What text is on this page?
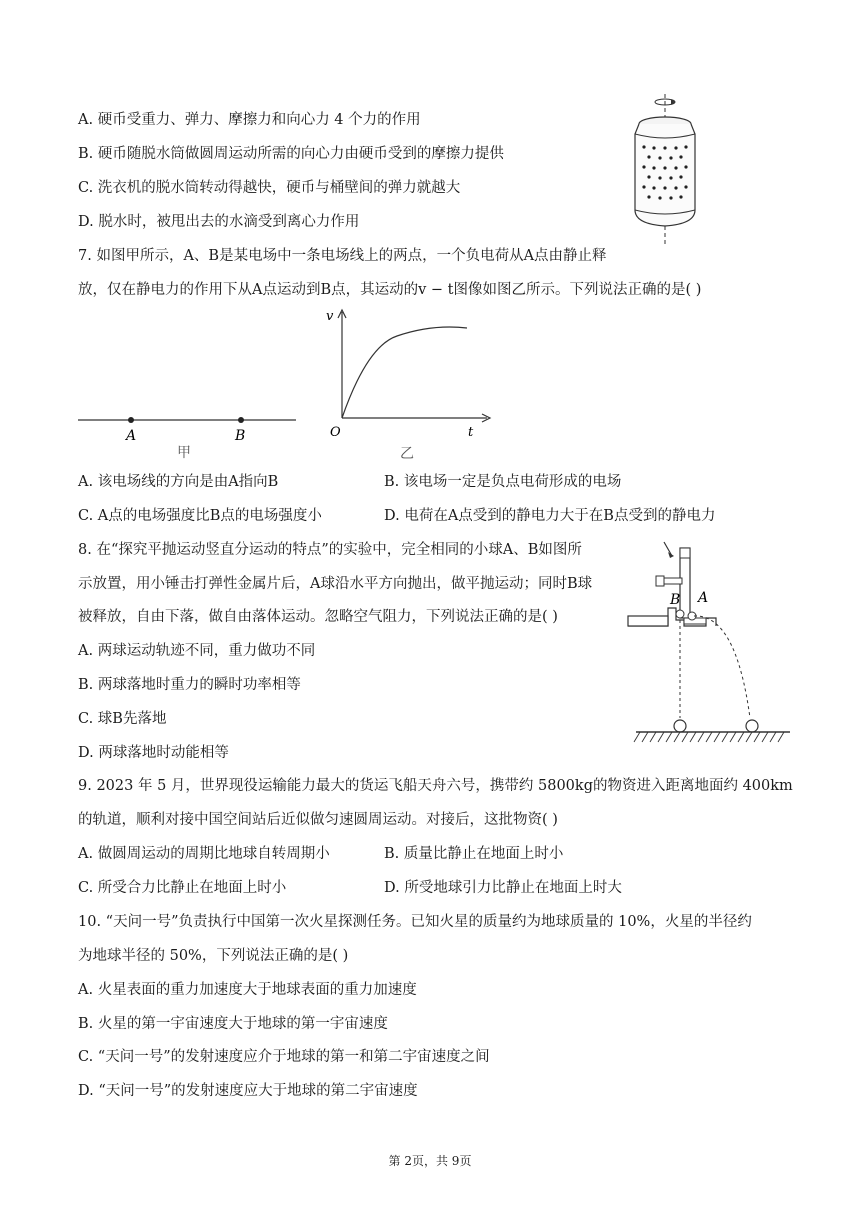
A. 硬币受重力、弹力、摩擦力和向心力 4 个力的作用
B. 硬币随脱水筒做圆周运动所需的向心力由硬币受到的摩擦力提供
C. 洗衣机的脱水筒转动得越快，硬币与桶壁间的弹力就越大
D. 脱水时，被甩出去的水滴受到离心力作用
7. 如图甲所示，A、B是某电场中一条电场线上的两点，一个负电荷从A点由静止释
放，仅在静电力的作用下从A点运动到B点，其运动的v − t图像如图乙所示。下列说法正确的是( )
A	B
甲
v
O	t
乙
A. 该电场线的方向是由A指向B	B. 该电场一定是负点电荷形成的电场
C. A点的电场强度比B点的电场强度小	D. 电荷在A点受到的静电力大于在B点受到的静电力
8. 在“探究平抛运动竖直分运动的特点”的实验中，完全相同的小球A、B如图所
示放置，用小锤击打弹性金属片后，A球沿水平方向抛出，做平抛运动；同时B球
被释放，自由下落，做自由落体运动。忽略空气阻力，下列说法正确的是( )
B A
A. 两球运动轨迹不同，重力做功不同
B. 两球落地时重力的瞬时功率相等
C. 球B先落地
D. 两球落地时动能相等
9. 2023 年 5 月，世界现役运输能力最大的货运飞船天舟六号，携带约 5800kg的物资进入距离地面约 400km
的轨道，顺利对接中国空间站后近似做匀速圆周运动。对接后，这批物资( )
A. 做圆周运动的周期比地球自转周期小	B. 质量比静止在地面上时小
C. 所受合力比静止在地面上时小	D. 所受地球引力比静止在地面上时大
10. “天问一号”负责执行中国第一次火星探测任务。已知火星的质量约为地球质量的 10%，火星的半径约
为地球半径的 50%，下列说法正确的是( )
A. 火星表面的重力加速度大于地球表面的重力加速度
B. 火星的第一宇宙速度大于地球的第一宇宙速度
C. “天问一号”的发射速度应介于地球的第一和第二宇宙速度之间
D. “天问一号”的发射速度应大于地球的第二宇宙速度
第 2页，共 9页
